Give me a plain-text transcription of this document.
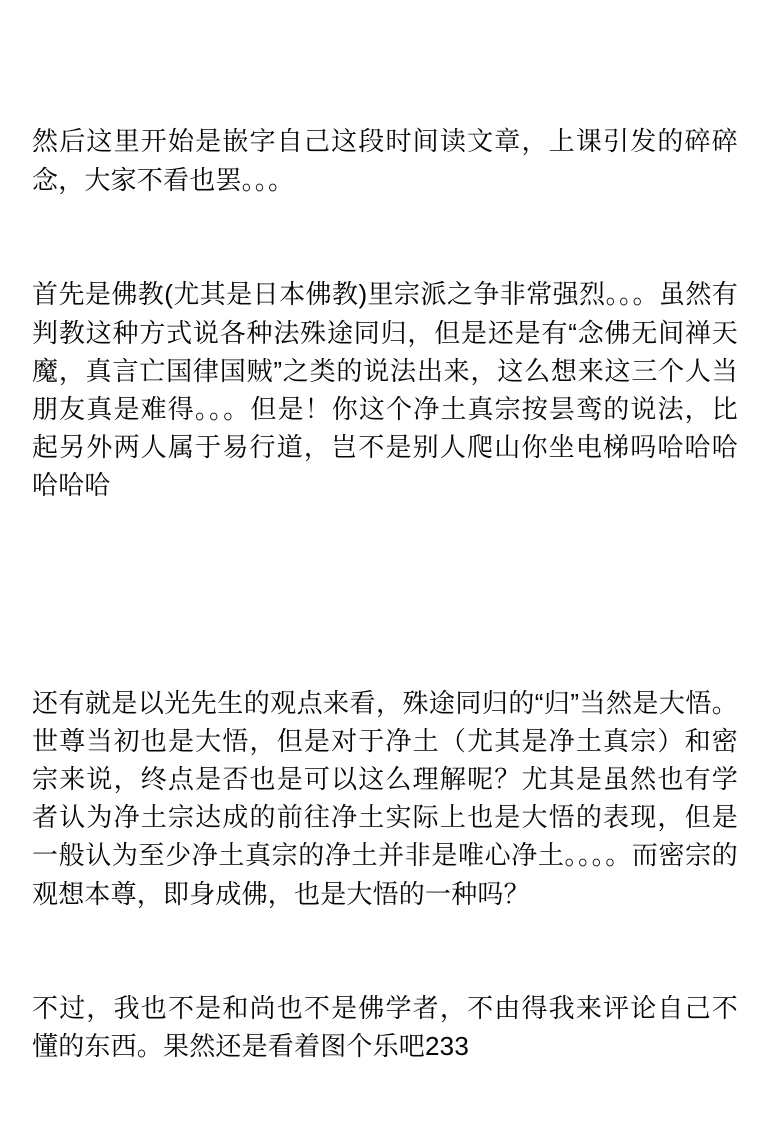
然后这里开始是嵌字自己这段时间读文章，上课引发的碎碎念，大家不看也罢。。。

首先是佛教(尤其是日本佛教)里宗派之争非常强烈。。。虽然有判教这种方式说各种法殊途同归，但是还是有“念佛无间禅天魔，真言亡国律国贼”之类的说法出来，这么想来这三个人当朋友真是难得。。。但是！你这个净土真宗按昙鸾的说法，比起另外两人属于易行道，岂不是别人爬山你坐电梯吗哈哈哈哈哈哈

还有就是以光先生的观点来看，殊途同归的“归”当然是大悟。世尊当初也是大悟，但是对于净土（尤其是净土真宗）和密宗来说，终点是否也是可以这么理解呢？尤其是虽然也有学者认为净土宗达成的前往净土实际上也是大悟的表现，但是一般认为至少净土真宗的净土并非是唯心净土。。。。而密宗的观想本尊，即身成佛，也是大悟的一种吗？

不过，我也不是和尚也不是佛学者，不由得我来评论自己不懂的东西。果然还是看着图个乐吧233
